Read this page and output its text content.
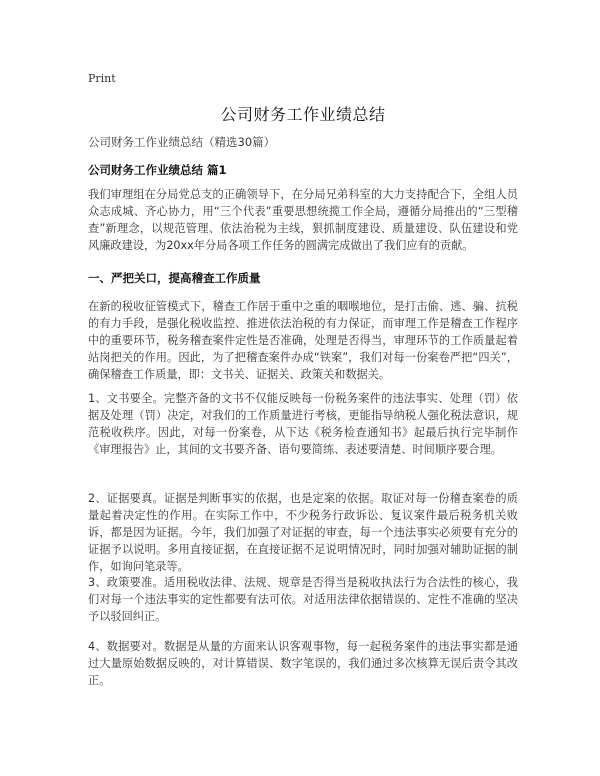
Print
公司财务工作业绩总结
公司财务工作业绩总结（精选30篇）
公司财务工作业绩总结 篇1

我们审理组在分局党总支的正确领导下，在分局兄弟科室的大力支持配合下，全组人员众志成城、齐心协力，用“三个代表”重要思想统揽工作全局，遵循分局推出的“三型稽查”新理念，以规范管理、依法治税为主线，狠抓制度建设、质量建设、队伍建设和党风廉政建设，为20xx年分局各项工作任务的圆满完成做出了我们应有的贡献。

一、严把关口，提高稽查工作质量

在新的税收征管模式下，稽查工作居于重中之重的咽喉地位，是打击偷、逃、骗、抗税的有力手段，是强化税收监控、推进依法治税的有力保证，而审理工作是稽查工作程序中的重要环节，税务稽查案件定性是否准确，处理是否得当，审理环节的工作质量起着站岗把关的作用。因此，为了把稽查案件办成“铁案”，我们对每一份案卷严把“四关”，确保稽查工作质量，即：文书关、证据关、政策关和数据关。

1、文书要全。完整齐备的文书不仅能反映每一份税务案件的违法事实、处理（罚）依据及处理（罚）决定，对我们的工作质量进行考核，更能指导纳税人强化税法意识，规范税收秩序。因此，对每一份案卷，从下达《税务检查通知书》起最后执行完毕制作《审理报告》止，其间的文书要齐备、语句要简练、表述要清楚、时间顺序要合理。

2、证据要真。证据是判断事实的依据，也是定案的依据。取证对每一份稽查案卷的质量起着决定性的作用。在实际工作中，不少税务行政诉讼、复议案件最后税务机关败诉，都是因为证据。今年，我们加强了对证据的审查，每一个违法事实必须要有充分的证据予以说明。多用直接证据，在直接证据不足说明情况时，同时加强对辅助证据的制作，如询问笔录等。

3、政策要准。适用税收法律、法规、规章是否得当是税收执法行为合法性的核心，我们对每一个违法事实的定性都要有法可依。对适用法律依据错误的、定性不准确的坚决予以驳回纠正。

4、数据要对。数据是从量的方面来认识客观事物，每一起税务案件的违法事实都是通过大量原始数据反映的，对计算错误、数字笔误的，我们通过多次核算无误后责令其改正。
